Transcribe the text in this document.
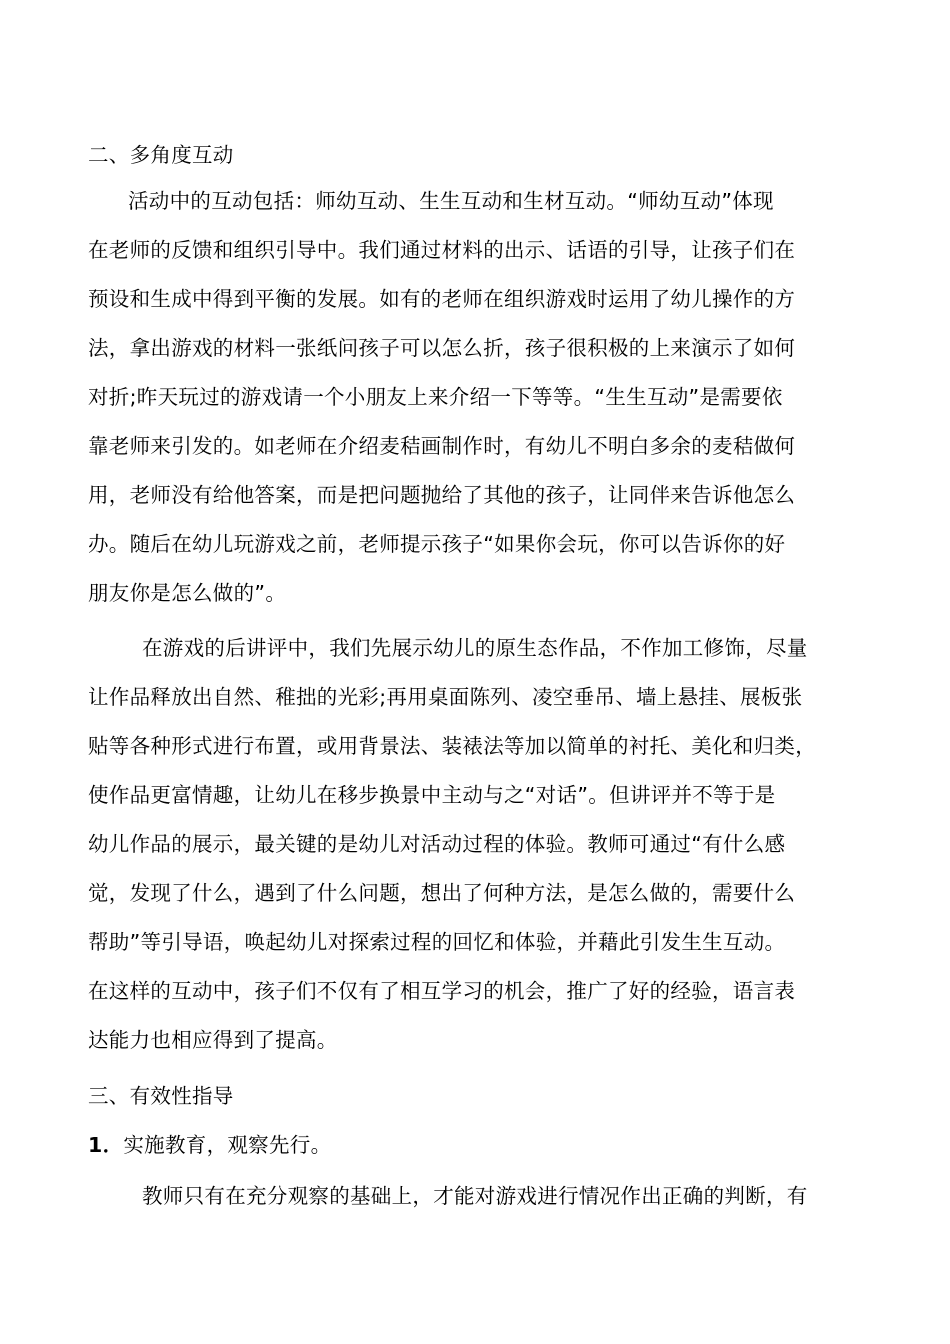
二、多角度互动
活动中的互动包括：师幼互动、生生互动和生材互动。“师幼互动”体现
在老师的反馈和组织引导中。我们通过材料的出示、话语的引导，让孩子们在
预设和生成中得到平衡的发展。如有的老师在组织游戏时运用了幼儿操作的方
法，拿出游戏的材料一张纸问孩子可以怎么折，孩子很积极的上来演示了如何
对折;昨天玩过的游戏请一个小朋友上来介绍一下等等。“生生互动”是需要依
靠老师来引发的。如老师在介绍麦秸画制作时，有幼儿不明白多余的麦秸做何
用，老师没有给他答案，而是把问题抛给了其他的孩子，让同伴来告诉他怎么
办。随后在幼儿玩游戏之前，老师提示孩子“如果你会玩，你可以告诉你的好
朋友你是怎么做的”。
在游戏的后讲评中，我们先展示幼儿的原生态作品，不作加工修饰，尽量
让作品释放出自然、稚拙的光彩;再用桌面陈列、凌空垂吊、墙上悬挂、展板张
贴等各种形式进行布置，或用背景法、装裱法等加以简单的衬托、美化和归类，
使作品更富情趣，让幼儿在移步换景中主动与之“对话”。但讲评并不等于是
幼儿作品的展示，最关键的是幼儿对活动过程的体验。教师可通过“有什么感
觉，发现了什么，遇到了什么问题，想出了何种方法，是怎么做的，需要什么
帮助”等引导语，唤起幼儿对探索过程的回忆和体验，并藉此引发生生互动。
在这样的互动中，孩子们不仅有了相互学习的机会，推广了好的经验，语言表
达能力也相应得到了提高。
三、有效性指导
1．实施教育，观察先行。
教师只有在充分观察的基础上，才能对游戏进行情况作出正确的判断，有
